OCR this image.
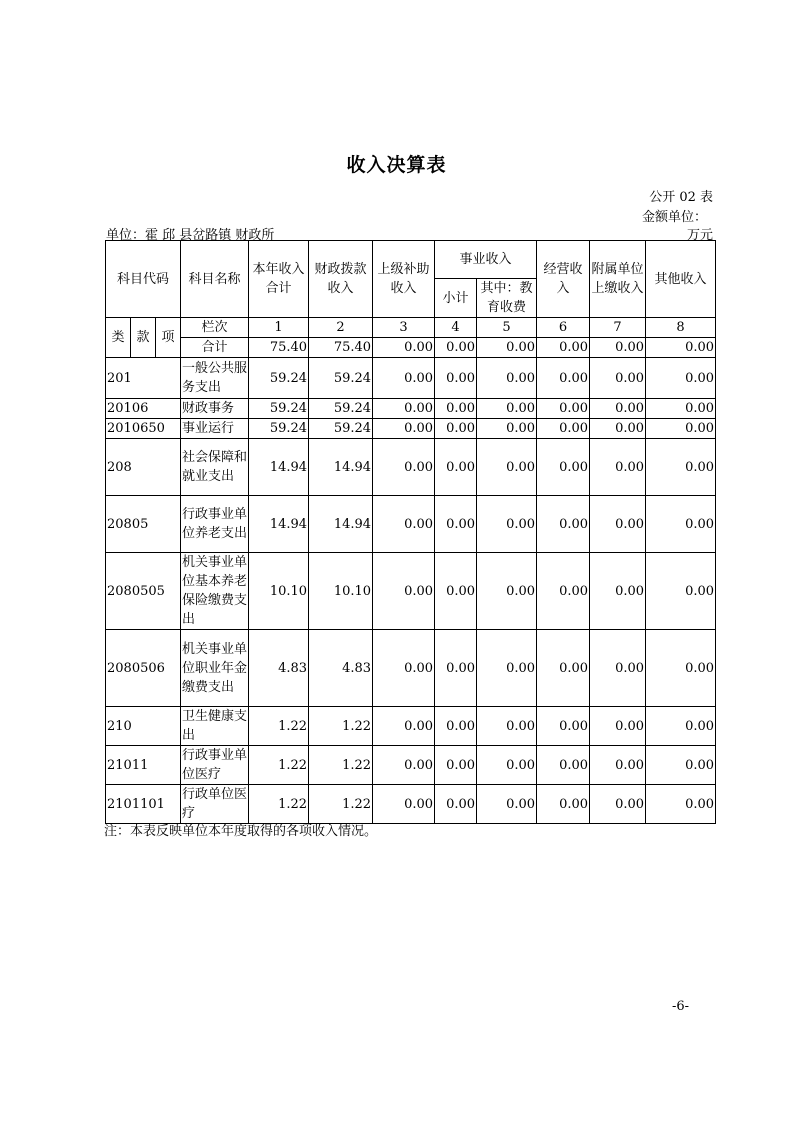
收入决算表
公开 02 表
金额单位：
单位：霍 邱 县岔路镇 财政所	万元
科目代码			科目名称	本年收入合计	财政拨款收入	上级补助收入	事业收入		经营收入	附属单位上缴收入	其他收入
							小计	其中：教育收费			
类	款	项	栏次	1	2	3	4	5	6	7	8
			合计	75.40	75.40	0.00	0.00	0.00	0.00	0.00	0.00
201			一般公共服务支出	59.24	59.24	0.00	0.00	0.00	0.00	0.00	0.00
20106			财政事务	59.24	59.24	0.00	0.00	0.00	0.00	0.00	0.00
2010650			事业运行	59.24	59.24	0.00	0.00	0.00	0.00	0.00	0.00
208			社会保障和就业支出	14.94	14.94	0.00	0.00	0.00	0.00	0.00	0.00
20805			行政事业单位养老支出	14.94	14.94	0.00	0.00	0.00	0.00	0.00	0.00
2080505			机关事业单位基本养老保险缴费支出	10.10	10.10	0.00	0.00	0.00	0.00	0.00	0.00
2080506			机关事业单位职业年金缴费支出	4.83	4.83	0.00	0.00	0.00	0.00	0.00	0.00
210			卫生健康支出	1.22	1.22	0.00	0.00	0.00	0.00	0.00	0.00
21011			行政事业单位医疗	1.22	1.22	0.00	0.00	0.00	0.00	0.00	0.00
2101101			行政单位医疗	1.22	1.22	0.00	0.00	0.00	0.00	0.00	0.00
注：本表反映单位本年度取得的各项收入情况。
-6-
